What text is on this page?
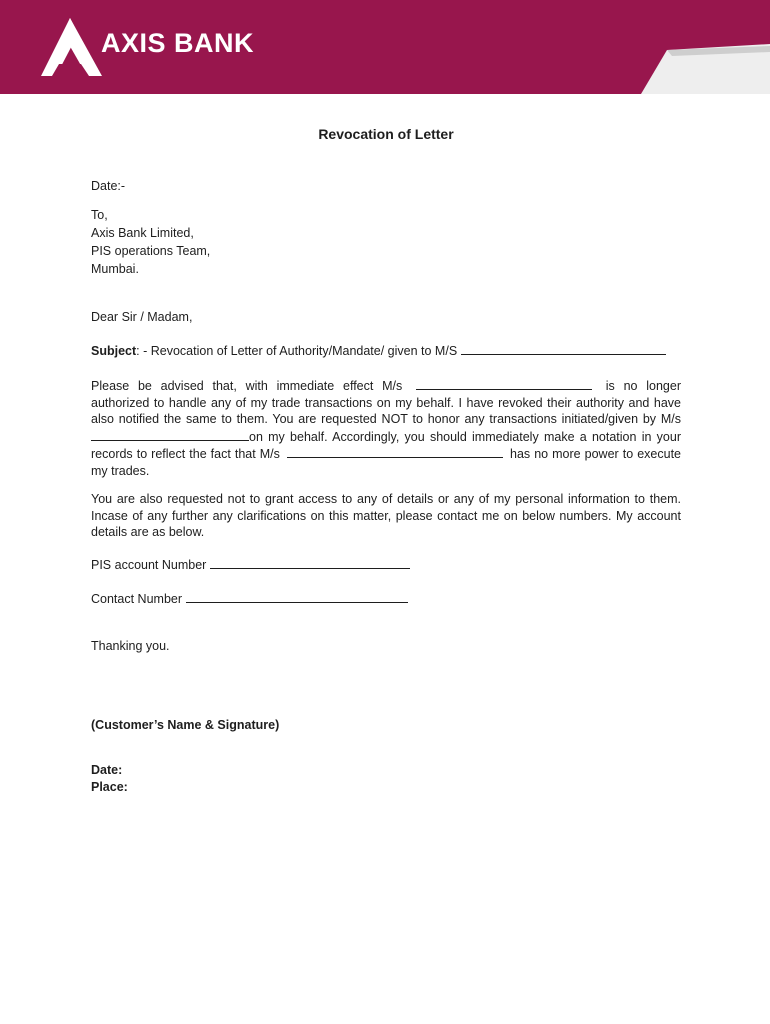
AXIS BANK
Revocation of Letter
Date:-
To,
Axis Bank Limited,
PIS operations Team,
Mumbai.
Dear Sir / Madam,
Subject: - Revocation of Letter of Authority/Mandate/ given to M/S
Please be advised that, with immediate effect M/s	is no longer authorized to handle any of my trade transactions on my behalf. I have revoked their authority and have also notified the same to them. You are requested NOT to honor any transactions initiated/given by M/s on my behalf. Accordingly, you should immediately make a notation in your records to reflect the fact that M/s	has no more power to execute my trades.
You are also requested not to grant access to any of details or any of my personal information to them. Incase of any further any clarifications on this matter, please contact me on below numbers. My account details are as below.
PIS account Number
Contact Number
Thanking you.
(Customer’s Name & Signature)
Date:
Place:
